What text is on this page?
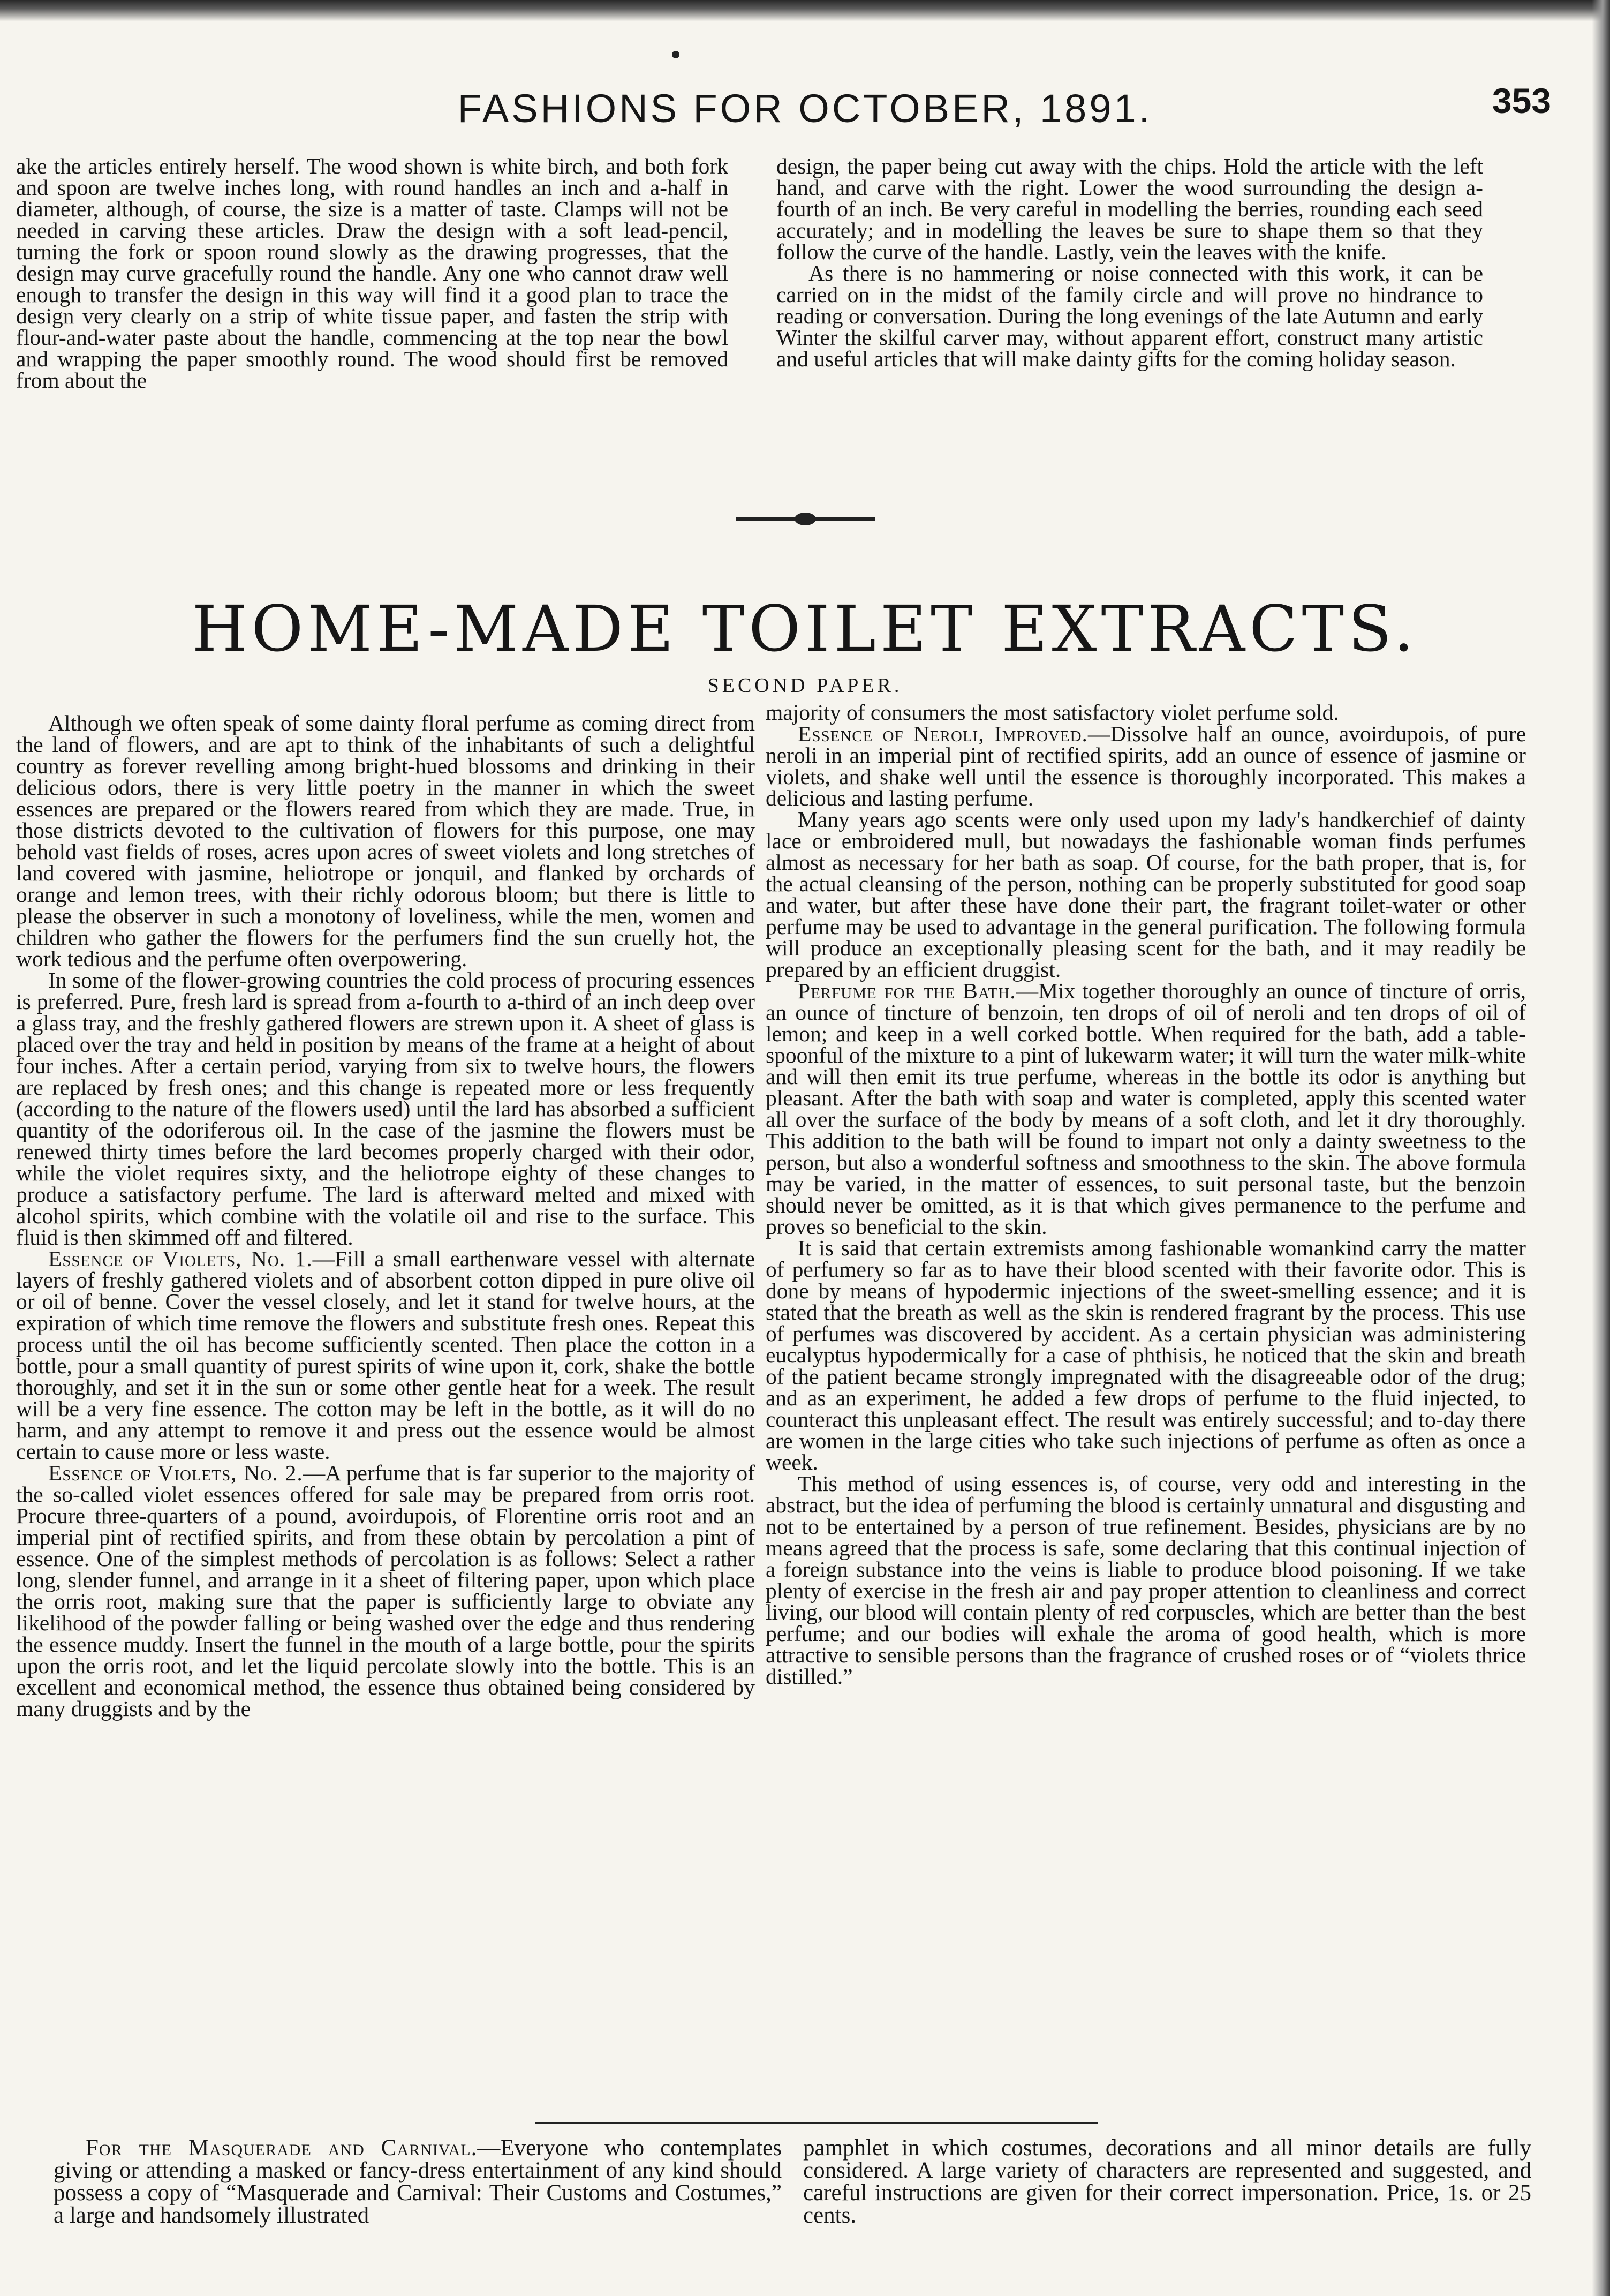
FASHIONS FOR OCTOBER, 1891.	353

ake the articles entirely herself. The wood shown is white birch, and both fork and spoon are twelve inches long, with round handles an inch and a-half in diameter, although, of course, the size is a matter of taste. Clamps will not be needed in carving these articles. Draw the design with a soft lead-pencil, turning the fork or spoon round slowly as the drawing progresses, that the design may curve gracefully round the handle. Any one who cannot draw well enough to transfer the design in this way will find it a good plan to trace the design very clearly on a strip of white tissue paper, and fasten the strip with flour-and-water paste about the handle, commencing at the top near the bowl and wrapping the paper smoothly round. The wood should first be removed from about the

design, the paper being cut away with the chips. Hold the article with the left hand, and carve with the right. Lower the wood surrounding the design a-fourth of an inch. Be very careful in modelling the berries, rounding each seed accurately; and in modelling the leaves be sure to shape them so that they follow the curve of the handle. Lastly, vein the leaves with the knife.

As there is no hammering or noise connected with this work, it can be carried on in the midst of the family circle and will prove no hindrance to reading or conversation. During the long evenings of the late Autumn and early Winter the skilful carver may, without apparent effort, construct many artistic and useful articles that will make dainty gifts for the coming holiday season.

HOME-MADE TOILET EXTRACTS.
SECOND PAPER.

Although we often speak of some dainty floral perfume as coming direct from the land of flowers, and are apt to think of the inhabitants of such a delightful country as forever revelling among bright-hued blossoms and drinking in their delicious odors, there is very little poetry in the manner in which the sweet essences are prepared or the flowers reared from which they are made. True, in those districts devoted to the cultivation of flowers for this purpose, one may behold vast fields of roses, acres upon acres of sweet violets and long stretches of land covered with jasmine, heliotrope or jonquil, and flanked by orchards of orange and lemon trees, with their richly odorous bloom; but there is little to please the observer in such a monotony of loveliness, while the men, women and children who gather the flowers for the perfumers find the sun cruelly hot, the work tedious and the perfume often overpowering.

In some of the flower-growing countries the cold process of procuring essences is preferred. Pure, fresh lard is spread from a-fourth to a-third of an inch deep over a glass tray, and the freshly gathered flowers are strewn upon it. A sheet of glass is placed over the tray and held in position by means of the frame at a height of about four inches. After a certain period, varying from six to twelve hours, the flowers are replaced by fresh ones; and this change is repeated more or less frequently (according to the nature of the flowers used) until the lard has absorbed a sufficient quantity of the odoriferous oil. In the case of the jasmine the flowers must be renewed thirty times before the lard becomes properly charged with their odor, while the violet requires sixty, and the heliotrope eighty of these changes to produce a satisfactory perfume. The lard is afterward melted and mixed with alcohol spirits, which combine with the volatile oil and rise to the surface. This fluid is then skimmed off and filtered.

Essence of Violets, No. 1.—Fill a small earthenware vessel with alternate layers of freshly gathered violets and of absorbent cotton dipped in pure olive oil or oil of benne. Cover the vessel closely, and let it stand for twelve hours, at the expiration of which time remove the flowers and substitute fresh ones. Repeat this process until the oil has become sufficiently scented. Then place the cotton in a bottle, pour a small quantity of purest spirits of wine upon it, cork, shake the bottle thoroughly, and set it in the sun or some other gentle heat for a week. The result will be a very fine essence. The cotton may be left in the bottle, as it will do no harm, and any attempt to remove it and press out the essence would be almost certain to cause more or less waste.

Essence of Violets, No. 2.—A perfume that is far superior to the majority of the so-called violet essences offered for sale may be prepared from orris root. Procure three-quarters of a pound, avoirdupois, of Florentine orris root and an imperial pint of rectified spirits, and from these obtain by percolation a pint of essence. One of the simplest methods of percolation is as follows: Select a rather long, slender funnel, and arrange in it a sheet of filtering paper, upon which place the orris root, making sure that the paper is sufficiently large to obviate any likelihood of the powder falling or being washed over the edge and thus rendering the essence muddy. Insert the funnel in the mouth of a large bottle, pour the spirits upon the orris root, and let the liquid percolate slowly into the bottle. This is an excellent and economical method, the essence thus obtained being considered by many druggists and by the

majority of consumers the most satisfactory violet perfume sold.

Essence of Neroli, Improved.—Dissolve half an ounce, avoirdupois, of pure neroli in an imperial pint of rectified spirits, add an ounce of essence of jasmine or violets, and shake well until the essence is thoroughly incorporated. This makes a delicious and lasting perfume.

Many years ago scents were only used upon my lady's handkerchief of dainty lace or embroidered mull, but nowadays the fashionable woman finds perfumes almost as necessary for her bath as soap. Of course, for the bath proper, that is, for the actual cleansing of the person, nothing can be properly substituted for good soap and water, but after these have done their part, the fragrant toilet-water or other perfume may be used to advantage in the general purification. The following formula will produce an exceptionally pleasing scent for the bath, and it may readily be prepared by an efficient druggist.

Perfume for the Bath.—Mix together thoroughly an ounce of tincture of orris, an ounce of tincture of benzoin, ten drops of oil of neroli and ten drops of oil of lemon; and keep in a well corked bottle. When required for the bath, add a table-spoonful of the mixture to a pint of lukewarm water; it will turn the water milk-white and will then emit its true perfume, whereas in the bottle its odor is anything but pleasant. After the bath with soap and water is completed, apply this scented water all over the surface of the body by means of a soft cloth, and let it dry thoroughly. This addition to the bath will be found to impart not only a dainty sweetness to the person, but also a wonderful softness and smoothness to the skin. The above formula may be varied, in the matter of essences, to suit personal taste, but the benzoin should never be omitted, as it is that which gives permanence to the perfume and proves so beneficial to the skin.

It is said that certain extremists among fashionable womankind carry the matter of perfumery so far as to have their blood scented with their favorite odor. This is done by means of hypodermic injections of the sweet-smelling essence; and it is stated that the breath as well as the skin is rendered fragrant by the process. This use of perfumes was discovered by accident. As a certain physician was administering eucalyptus hypodermically for a case of phthisis, he noticed that the skin and breath of the patient became strongly impregnated with the disagreeable odor of the drug; and as an experiment, he added a few drops of perfume to the fluid injected, to counteract this unpleasant effect. The result was entirely successful; and to-day there are women in the large cities who take such injections of perfume as often as once a week.

This method of using essences is, of course, very odd and interesting in the abstract, but the idea of perfuming the blood is certainly unnatural and disgusting and not to be entertained by a person of true refinement. Besides, physicians are by no means agreed that the process is safe, some declaring that this continual injection of a foreign substance into the veins is liable to produce blood poisoning. If we take plenty of exercise in the fresh air and pay proper attention to cleanliness and correct living, our blood will contain plenty of red corpuscles, which are better than the best perfume; and our bodies will exhale the aroma of good health, which is more attractive to sensible persons than the fragrance of crushed roses or of “violets thrice distilled.”

For the Masquerade and Carnival.—Everyone who contemplates giving or attending a masked or fancy-dress entertainment of any kind should possess a copy of “Masquerade and Carnival: Their Customs and Costumes,” a large and handsomely illustrated

pamphlet in which costumes, decorations and all minor details are fully considered. A large variety of characters are represented and suggested, and careful instructions are given for their correct impersonation. Price, 1s. or 25 cents.
